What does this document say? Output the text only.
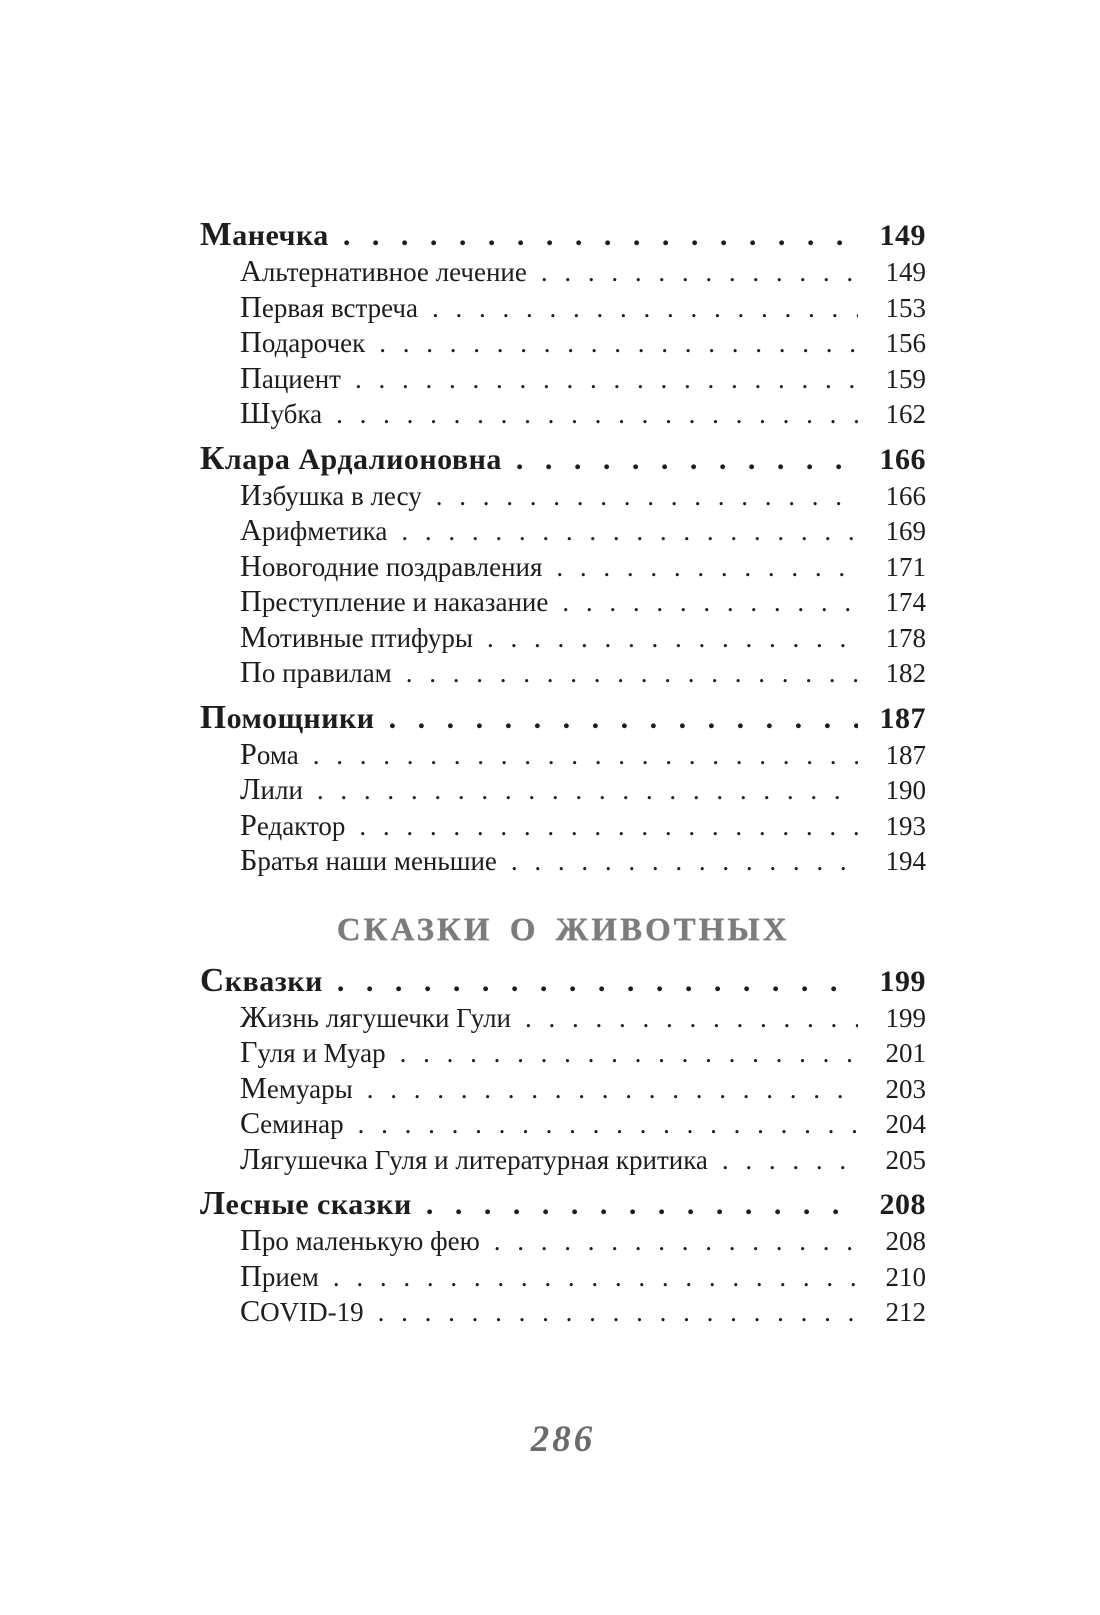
Манечка . . .	149
Альтернативное лечение . . .	149
Первая встреча . . .	153
Подарочек . . .	156
Пациент . . .	159
Шубка . . .	162
Клара Ардалионовна . . .	166
Избушка в лесу . . .	166
Арифметика . . .	169
Новогодние поздравления . . .	171
Преступление и наказание . . .	174
Мотивные птифуры . . .	178
По правилам . . .	182
Помощники . . .	187
Рома . . .	187
Лили . . .	190
Редактор . . .	193
Братья наши меньшие . . .	194
СКАЗКИ О ЖИВОТНЫХ
Сквазки . . .	199
Жизнь лягушечки Гули . . .	199
Гуля и Муар . . .	201
Мемуары . . .	203
Семинар . . .	204
Лягушечка Гуля и литературная критика . . .	205
Лесные сказки . . .	208
Про маленькую фею . . .	208
Прием . . .	210
COVID-19 . . .	212
286
